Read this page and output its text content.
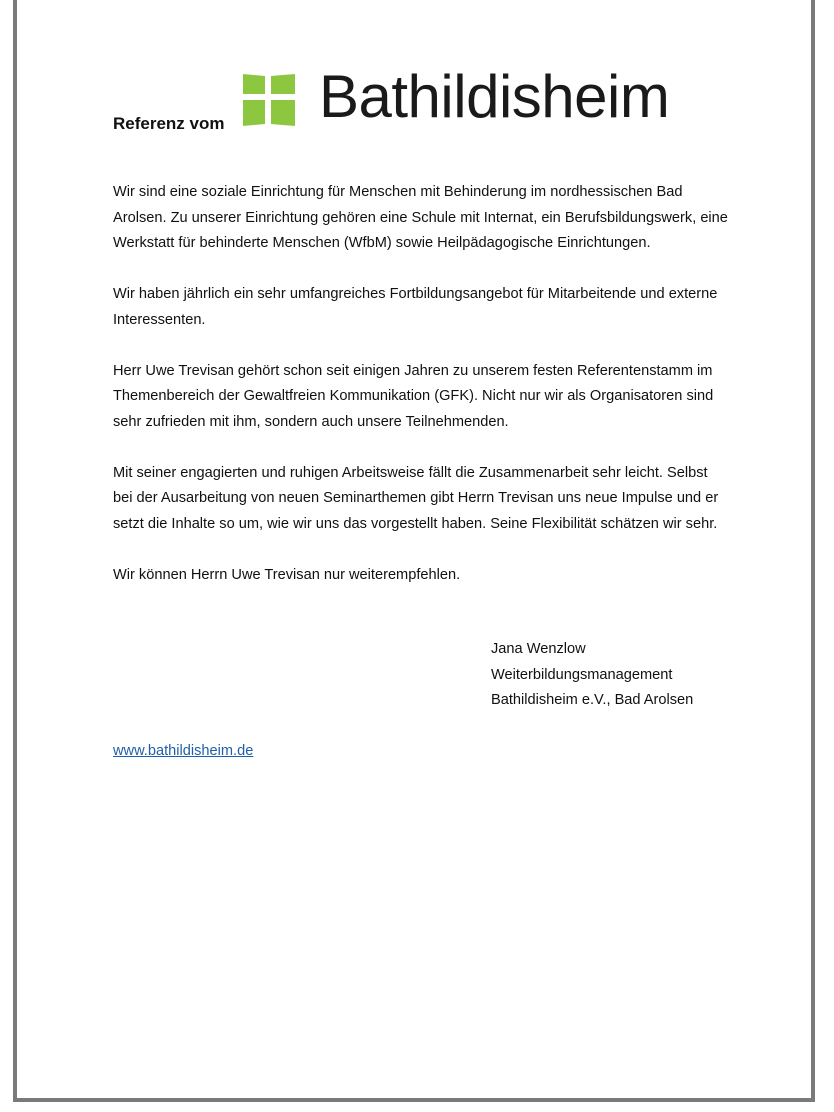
Referenz vom Bathildisheim

Wir sind eine soziale Einrichtung für Menschen mit Behinderung im nordhessischen Bad Arolsen. Zu unserer Einrichtung gehören eine Schule mit Internat, ein Berufsbildungswerk, eine Werkstatt für behinderte Menschen (WfbM) sowie Heilpädagogische Einrichtungen.

Wir haben jährlich ein sehr umfangreiches Fortbildungsangebot für Mitarbeitende und externe Interessenten.

Herr Uwe Trevisan gehört schon seit einigen Jahren zu unserem festen Referentenstamm im Themenbereich der Gewaltfreien Kommunikation (GFK). Nicht nur wir als Organisatoren sind sehr zufrieden mit ihm, sondern auch unsere Teilnehmenden.

Mit seiner engagierten und ruhigen Arbeitsweise fällt die Zusammenarbeit sehr leicht. Selbst bei der Ausarbeitung von neuen Seminarthemen gibt Herrn Trevisan uns neue Impulse und er setzt die Inhalte so um, wie wir uns das vorgestellt haben. Seine Flexibilität schätzen wir sehr.

Wir können Herrn Uwe Trevisan nur weiterempfehlen.

Jana Wenzlow
Weiterbildungsmanagement
Bathildisheim e.V., Bad Arolsen
www.bathildisheim.de
